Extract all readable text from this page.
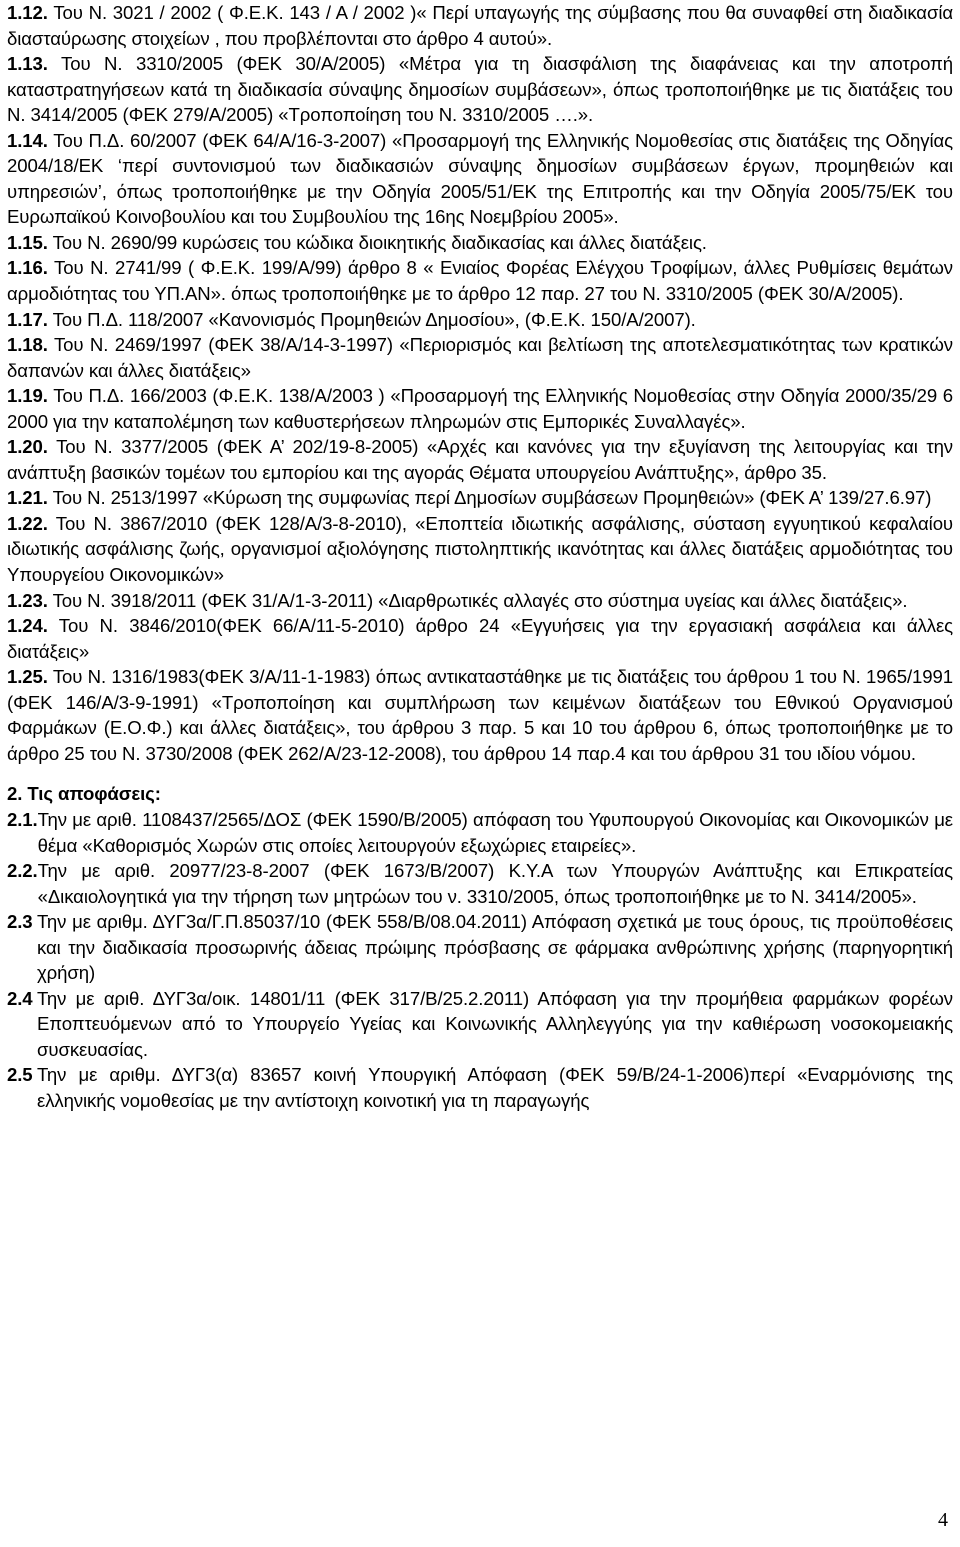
1.12. Του Ν. 3021 / 2002 ( Φ.Ε.Κ. 143 / Α / 2002 )« Περί υπαγωγής της σύμβασης που θα συναφθεί στη διαδικασία διασταύρωσης στοιχείων , που προβλέπονται στο άρθρο 4 αυτού».

1.13. Του Ν. 3310/2005 (ΦΕΚ 30/Α/2005) «Μέτρα για τη διασφάλιση της διαφάνειας και την αποτροπή καταστρατηγήσεων κατά τη διαδικασία σύναψης δημοσίων συμβάσεων», όπως τροποποιήθηκε με τις διατάξεις του Ν. 3414/2005 (ΦΕΚ 279/Α/2005) «Τροποποίηση του Ν. 3310/2005 ….».

1.14. Του Π.Δ. 60/2007 (ΦΕΚ 64/Α/16-3-2007) «Προσαρμογή της Ελληνικής Νομοθεσίας στις διατάξεις της Οδηγίας 2004/18/ΕΚ ‘περί συντονισμού των διαδικασιών σύναψης δημοσίων συμβάσεων έργων, προμηθειών και υπηρεσιών’, όπως τροποποιήθηκε με την Οδηγία 2005/51/ΕΚ της Επιτροπής και την Οδηγία 2005/75/ΕΚ του Ευρωπαϊκού Κοινοβουλίου και του Συμβουλίου της 16ης Νοεμβρίου 2005».

1.15. Του Ν. 2690/99 κυρώσεις του κώδικα διοικητικής διαδικασίας και άλλες διατάξεις.

1.16. Του Ν. 2741/99 ( Φ.Ε.Κ. 199/Α/99) άρθρο 8 « Ενιαίος Φορέας Ελέγχου Τροφίμων, άλλες Ρυθμίσεις θεμάτων αρμοδιότητας του ΥΠ.ΑΝ». όπως τροποποιήθηκε με το άρθρο 12 παρ. 27 του Ν. 3310/2005 (ΦΕΚ 30/Α/2005).

1.17. Του Π.Δ. 118/2007 «Κανονισμός Προμηθειών Δημοσίου», (Φ.Ε.Κ. 150/Α/2007).

1.18. Του Ν. 2469/1997 (ΦΕΚ 38/Α/14-3-1997) «Περιορισμός και βελτίωση της αποτελεσματικότητας των κρατικών δαπανών και άλλες διατάξεις»

1.19. Του Π.Δ. 166/2003 (Φ.Ε.Κ. 138/Α/2003 ) «Προσαρμογή της Ελληνικής Νομοθεσίας στην Οδηγία 2000/35/29 6 2000 για την καταπολέμηση των καθυστερήσεων πληρωμών στις Εμπορικές Συναλλαγές».

1.20. Του Ν. 3377/2005 (ΦΕΚ Α’ 202/19-8-2005) «Αρχές και κανόνες για την εξυγίανση της λειτουργίας και την ανάπτυξη βασικών τομέων του εμπορίου και της αγοράς Θέματα υπουργείου Ανάπτυξης», άρθρο 35.

1.21. Του Ν. 2513/1997 «Κύρωση της συμφωνίας περί Δημοσίων συμβάσεων Προμηθειών» (ΦΕΚ Α’ 139/27.6.97)

1.22. Του Ν. 3867/2010 (ΦΕΚ 128/Α/3-8-2010), «Εποπτεία ιδιωτικής ασφάλισης, σύσταση εγγυητικού κεφαλαίου ιδιωτικής ασφάλισης ζωής, οργανισμοί αξιολόγησης πιστοληπτικής ικανότητας και άλλες διατάξεις αρμοδιότητας του Υπουργείου Οικονομικών»

1.23. Του Ν. 3918/2011 (ΦΕΚ 31/Α/1-3-2011) «Διαρθρωτικές αλλαγές στο σύστημα υγείας και άλλες διατάξεις».

1.24. Του Ν. 3846/2010(ΦΕΚ 66/Α/11-5-2010) άρθρο 24 «Εγγυήσεις για την εργασιακή ασφάλεια και άλλες διατάξεις»

1.25. Του Ν. 1316/1983(ΦΕΚ 3/Α/11-1-1983) όπως αντικαταστάθηκε με τις διατάξεις του άρθρου 1 του Ν. 1965/1991 (ΦΕΚ 146/Α/3-9-1991) «Τροποποίηση και συμπλήρωση των κειμένων διατάξεων του Εθνικού Οργανισμού Φαρμάκων (Ε.Ο.Φ.) και άλλες διατάξεις», του άρθρου 3 παρ. 5 και 10 του άρθρου 6, όπως τροποποιήθηκε με το άρθρο 25 του Ν. 3730/2008 (ΦΕΚ 262/Α/23-12-2008), του άρθρου 14 παρ.4 και του άρθρου 31 του ιδίου νόμου.

2. Τις αποφάσεις:

2.1. Την με αριθ. 1108437/2565/ΔΟΣ (ΦΕΚ 1590/Β/2005) απόφαση του Υφυπουργού Οικονομίας και Οικονομικών με θέμα «Καθορισμός Χωρών στις οποίες λειτουργούν εξωχώριες εταιρείες».
2.2. Την με αριθ. 20977/23-8-2007 (ΦΕΚ 1673/Β/2007) Κ.Υ.Α των Υπουργών Ανάπτυξης και Επικρατείας «Δικαιολογητικά για την τήρηση των μητρώων του ν. 3310/2005, όπως τροποποιήθηκε με το Ν. 3414/2005».
2.3 Την με αριθμ. ΔΥΓ3α/Γ.Π.85037/10 (ΦΕΚ 558/Β/08.04.2011) Απόφαση σχετικά με τους όρους, τις προϋποθέσεις και την διαδικασία προσωρινής άδειας πρώιμης πρόσβασης σε φάρμακα ανθρώπινης χρήσης (παρηγορητική χρήση)
2.4 Την με αριθ. ΔΥΓ3α/οικ. 14801/11 (ΦΕΚ 317/Β/25.2.2011) Απόφαση για την προμήθεια φαρμάκων φορέων Εποπτευόμενων από το Υπουργείο Υγείας και Κοινωνικής Αλληλεγγύης για την καθιέρωση νοσοκομειακής συσκευασίας.
2.5 Την με αριθμ. ΔΥΓ3(α) 83657 κοινή Υπουργική Απόφαση (ΦΕΚ 59/Β/24-1-2006)περί «Εναρμόνισης της ελληνικής νομοθεσίας με την αντίστοιχη κοινοτική για τη παραγωγής
4
